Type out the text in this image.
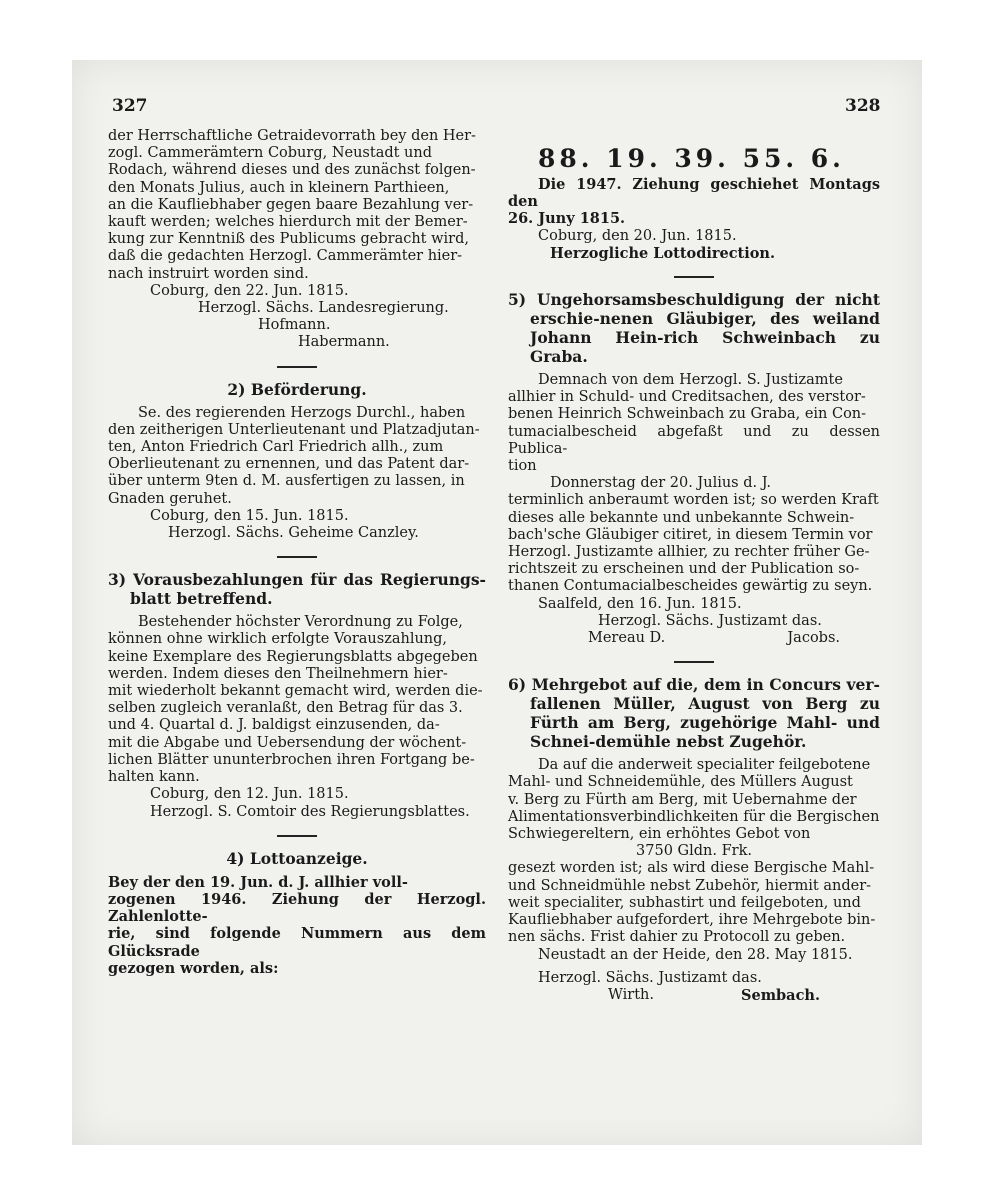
327	328

der Herrschaftliche Getraidevorrath bey den Her-

zogl. Cammerämtern Coburg, Neustadt und

Rodach, während dieses und des zunächst folgen-

den Monats Julius, auch in kleinern Parthieen,

an die Kaufliebhaber gegen baare Bezahlung ver-

kauft werden; welches hierdurch mit der Bemer-

kung zur Kenntniß des Publicums gebracht wird,

daß die gedachten Herzogl. Cammerämter hier-

nach instruirt worden sind.

Coburg, den 22. Jun. 1815.

Herzogl. Sächs. Landesregierung.

Hofmann.

Habermann.

2) Beförderung.

Se. des regierenden Herzogs Durchl., haben

den zeitherigen Unterlieutenant und Platzadjutan-

ten, Anton Friedrich Carl Friedrich allh., zum

Oberlieutenant zu ernennen, und das Patent dar-

über unterm 9ten d. M. ausfertigen zu lassen, in

Gnaden geruhet.

Coburg, den 15. Jun. 1815.

Herzogl. Sächs. Geheime Canzley.

3) Vorausbezahlungen für das Regierungs-blatt betreffend.

Bestehender höchster Verordnung zu Folge,

können ohne wirklich erfolgte Vorauszahlung,

keine Exemplare des Regierungsblatts abgegeben

werden. Indem dieses den Theilnehmern hier-

mit wiederholt bekannt gemacht wird, werden die-

selben zugleich veranlaßt, den Betrag für das 3.

und 4. Quartal d. J. baldigst einzusenden, da-

mit die Abgabe und Uebersendung der wöchent-

lichen Blätter ununterbrochen ihren Fortgang be-

halten kann.

Coburg, den 12. Jun. 1815.

Herzogl. S. Comtoir des Regierungsblattes.

4) Lottoanzeige.

Bey der den 19. Jun. d. J. allhier voll-

zogenen 1946. Ziehung der Herzogl. Zahlenlotte-

rie, sind folgende Nummern aus dem Glücksrade

gezogen worden, als:

88. 19. 39. 55. 6.

Die 1947. Ziehung geschiehet Montags den

26. Juny 1815.

Coburg, den 20. Jun. 1815.

Herzogliche Lottodirection.

5) Ungehorsamsbeschuldigung der nicht erschie-nenen Gläubiger, des weiland Johann Hein-rich Schweinbach zu Graba.

Demnach von dem Herzogl. S. Justizamte

allhier in Schuld- und Creditsachen, des verstor-

benen Heinrich Schweinbach zu Graba, ein Con-

tumacialbescheid abgefaßt und zu dessen Publica-

tion

Donnerstag der 20. Julius d. J.

terminlich anberaumt worden ist; so werden Kraft

dieses alle bekannte und unbekannte Schwein-

bach'sche Gläubiger citiret, in diesem Termin vor

Herzogl. Justizamte allhier, zu rechter früher Ge-

richtszeit zu erscheinen und der Publication so-

thanen Contumacialbescheides gewärtig zu seyn.

Saalfeld, den 16. Jun. 1815.

Herzogl. Sächs. Justizamt das.

Mereau D.	Jacobs.

6) Mehrgebot auf die, dem in Concurs ver-fallenen Müller, August von Berg zu Fürth am Berg, zugehörige Mahl- und Schnei-demühle nebst Zugehör.

Da auf die anderweit specialiter feilgebotene

Mahl- und Schneidemühle, des Müllers August

v. Berg zu Fürth am Berg, mit Uebernahme der

Alimentationsverbindlichkeiten für die Bergischen

Schwiegereltern, ein erhöhtes Gebot von

3750 Gldn. Frk.

gesezt worden ist; als wird diese Bergische Mahl-

und Schneidmühle nebst Zubehör, hiermit ander-

weit specialiter, subhastirt und feilgeboten, und

Kaufliebhaber aufgefordert, ihre Mehrgebote bin-

nen sächs. Frist dahier zu Protocoll zu geben.

Neustadt an der Heide, den 28. May 1815.

Herzogl. Sächs. Justizamt das.

Wirth.	Sembach.
